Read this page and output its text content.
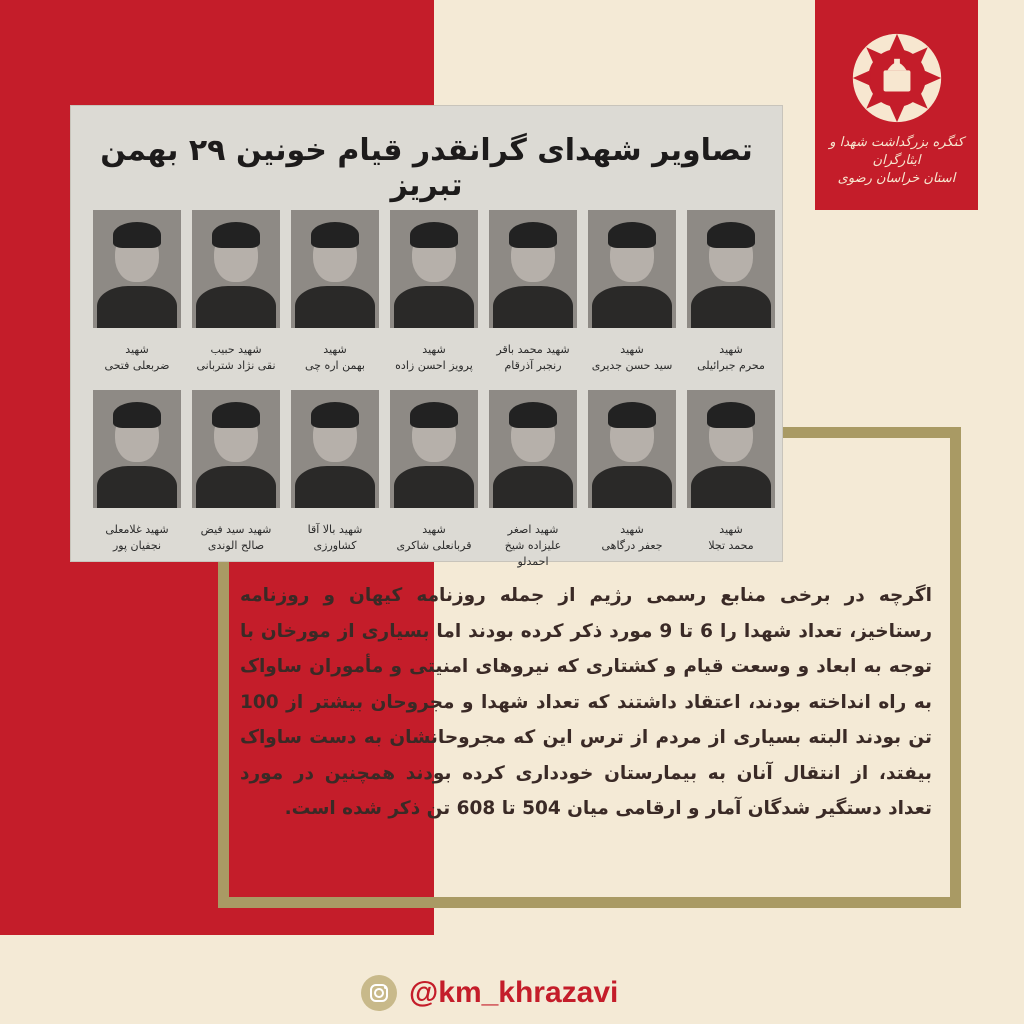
کنگره بزرگداشت شهدا و ایثارگران
استان خراسان رضوی
تصاویر شهدای گرانقدر قیام خونین ۲۹ بهمن تبریز
شهید
محرم جبرائیلی
شهید
سید حسن جدیری
شهید محمد باقر
رنجبر آذرقام
شهید
پرویز احسن زاده
شهید
بهمن اره چی
شهید حبیب
نقی نژاد شتربانی
شهید
ضربعلی فتحی
شهید
محمد تجلا
شهید
جعفر درگاهی
شهید اصغر
علیزاده شیخ احمدلو
شهید
قربانعلی شاکری
شهید بالا آقا
کشاورزی
شهید سید فیض
صالح الوندی
شهید غلامعلی
نجفیان پور
اگرچه در برخی منابع رسمی رژیم از جمله روزنامه کیهان و روزنامه رستاخیز، تعداد شهدا را 6 تا 9 مورد ذکر کرده بودند اما بسیاری از مورخان با توجه به ابعاد و وسعت قیام و کشتاری که نیروهای امنیتی و مأموران ساواک به راه انداخته بودند، اعتقاد داشتند که تعداد شهدا و مجروحان بیشتر از 100 تن بودند البته بسیاری از مردم از ترس این که مجروحانشان به دست ساواک بیفتد، از انتقال آنان به بیمارستان خودداری کرده بودند همچنین در مورد تعداد دستگیر شدگان آمار و ارقامی میان 504 تا 608 تن ذکر شده است.
@km_khrazavi
